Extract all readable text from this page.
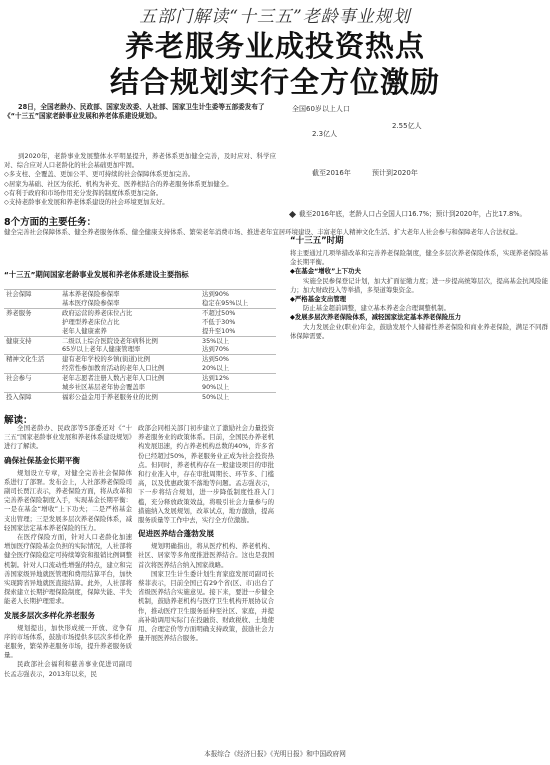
五部门解读“十三五”老龄事业规划
养老服务业成投资热点
结合规划实行全方位激励
28日，全国老龄办、民政部、国家发改委、人社部、国家卫生计生委等五部委发布了《“十三五”国家老龄事业发展和养老体系建设规划》。
全国60岁以上人口
2.55亿人
2.3亿人
截至2016年	预计到2020年
截至2016年底，老龄人口占全国人口16.7%；预计到2020年，占比17.8%。
到2020年，老龄事业发展整体水平明显提升，养老体系更加健全完善，及时应对、科学应对、综合应对人口老龄化的社会基础更加牢固。
◇多支柱、全覆盖、更加公平、更可持续的社会保障体系更加完善。
◇居家为基础、社区为依托、机构为补充、医养相结合的养老服务体系更加健全。
◇有利于政府和市场作用充分发挥的制度体系更加完备。
◇支持老龄事业发展和养老体系建设的社会环境更加友好。
8个方面的主要任务：
健全完善社会保障体系、健全养老服务体系、健全健康支持体系、繁荣老年消费市场、推进老年宜居环境建设、丰富老年人精神文化生活、扩大老年人社会参与和保障老年人合法权益。
“十三五”期间国家老龄事业发展和养老体系建设主要指标
社会保障	基本养老保险参保率	达到90%
	基本医疗保险参保率	稳定在95%以上
养老服务	政府运营的养老床位占比	不超过50%
	护理型养老床位占比	不低于30%
	老年人健康素养	提升至10%
健康支持	二级以上综合医院设老年病科比例	35%以上
	65岁以上老年人健康管理率	达到70%
精神文化生活	建有老年学校的乡镇(街道)比例	达到50%
	经常性参加教育活动的老年人口比例	20%以上
社会参与	老年志愿者注册人数占老年人口比例	达到12%
	城乡社区基层老年协会覆盖率	90%以上
投入保障	福彩公益金用于养老服务业的比例	50%以上
“十三五”时期
将主要通过几项举措改革和完善养老保险制度，健全多层次养老保险体系，实现养老保险基金长期平衡。
◆在基金“增收”上下功夫
实施全民参保登记计划，加大扩面征缴力度；进一步提高统筹层次，提高基金抗风险能力；加大财政投入等举措，多渠道筹集资金。
◆严格基金支出管理
防止基金超前调整，建立基本养老金合理调整机制。
◆发展多层次养老保险体系，减轻国家法定基本养老保险压力
大力发展企业(职业)年金，鼓励发展个人储蓄性养老保险和商业养老保险，满足不同群体保障需要。
解读：

全国老龄办、民政部等5部委还对《“十三五”国家老龄事业发展和养老体系建设规划》进行了解读。

确保社保基金长期平衡

规划设立专章，对健全完善社会保障体系进行了部署。发布会上，人社部养老保险司副司长贾江表示，养老保险方面，将从改革和完善养老保险制度入手，实现基金长期平衡：一是在基金“增收”上下功夫；二是严格基金支出管理；三是发展多层次养老保险体系，减轻国家法定基本养老保险的压力。

在医疗保险方面，针对人口老龄化加速增加医疗保险基金负担的实际情况，人社部将健全医疗保险稳定可持续筹资和报销比例调整机制。针对人口流动性增强的特点，建立和完善国家级异地就医管理和费用结算平台，加快实现跨省异地就医直接结算。此外，人社部将探索建立长期护理保险制度，保障失能、半失能老人长期护理需求。

发展多层次多样化养老服务

规划提出，加快形成统一开放、竞争有序的市场体系，鼓励市场提供多层次多样化养老服务，繁荣养老服务市场，提升养老服务质量。

民政部社会福利和慈善事业促进司副司长孟志强表示，2013年以来，民

政部会同相关部门初步建立了激励社会力量投资养老服务业的政策体系。目前，全国民办养老机构发展迅速，约占养老机构总数的40%，许多省份已经超过50%，养老服务业正成为社会投资热点。但同时，养老机构存在一般建设项目的审批和行业准入中，存在审批周期长、环节多、门槛高，以及优惠政策不落地等问题。孟志强表示，下一步将结合规划，进一步降低制度性准入门槛，充分释放政策效益，将吸引社会力量参与的措施纳入发展规划，改革试点，地方激励，提高服务质量等工作中去，实行全方位激励。

促进医养结合蓬勃发展

规划明确指出，将从医疗机构、养老机构、社区、居家等多角度推进医养结合。这也是我国首次将医养结合纳入国家战略。

国家卫生计生委计划生育家庭发展司副司长蔡菲表示，目前全国已有29个省(区、市)出台了省级医养结合实施意见。接下来，要进一步健全机制，鼓励养老机构与医疗卫生机构开展协议合作，推动医疗卫生服务延伸至社区、家庭，并提高补助调用实际门在投融资、财政税收、土地使用、合理定价等方面明确支持政策，鼓励社会力量开展医养结合服务。

本报综合《经济日报》《光明日报》和中国政府网
